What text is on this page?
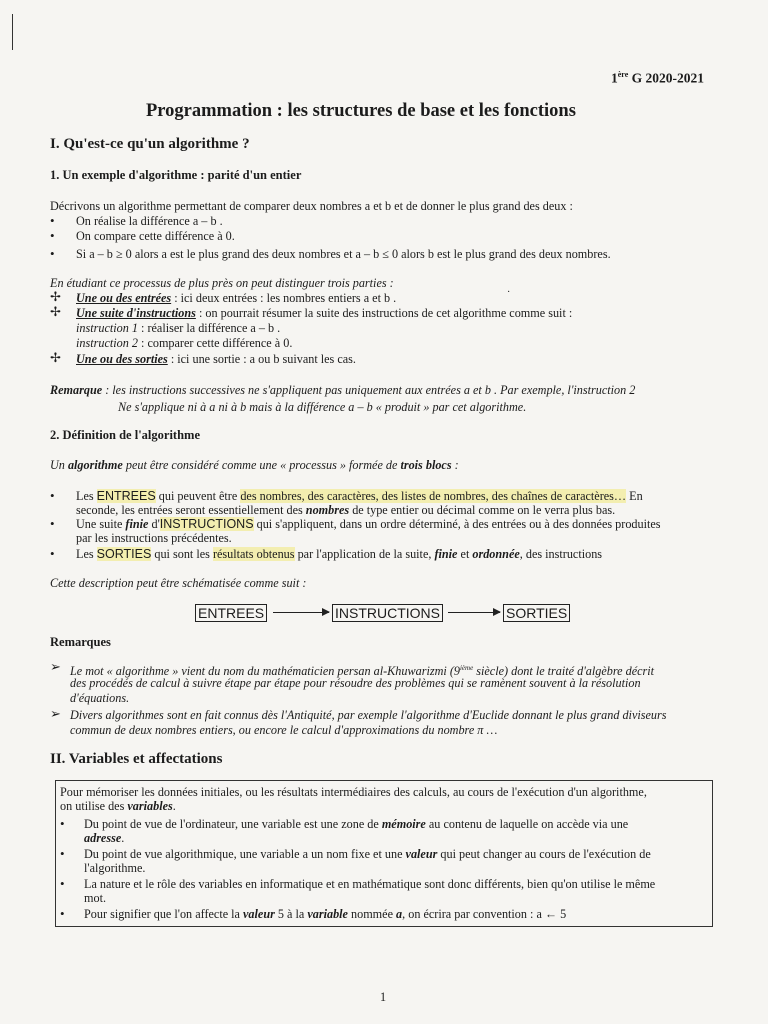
1ère G 2020-2021
Programmation : les structures de base et les fonctions
I. Qu'est-ce qu'un algorithme ?
1. Un exemple d'algorithme : parité d'un entier
Décrivons un algorithme permettant de comparer deux nombres a et b et de donner le plus grand des deux :
• On réalise la différence a – b .
• On compare cette différence à 0.
• Si a – b ≥ 0 alors a est le plus grand des deux nombres et a – b ≤ 0 alors b est le plus grand des deux nombres.
En étudiant ce processus de plus près on peut distinguer trois parties :
✢ Une ou des entrées : ici deux entrées : les nombres entiers a et b .	·
✢ Une suite d'instructions : on pourrait résumer la suite des instructions de cet algorithme comme suit :
instruction 1 : réaliser la différence a – b .
instruction 2 : comparer cette différence à 0.
✢ Une ou des sorties : ici une sortie : a ou b suivant les cas.
Remarque : les instructions successives ne s'appliquent pas uniquement aux entrées a et b . Par exemple, l'instruction 2
Ne s'applique ni à a ni à b mais à la différence a – b « produit » par cet algorithme.
2. Définition de l'algorithme
Un algorithme peut être considéré comme une « processus » formée de trois blocs :
• Les ENTREES qui peuvent être des nombres, des caractères, des listes de nombres, des chaînes de caractères… En
seconde, les entrées seront essentiellement des nombres de type entier ou décimal comme on le verra plus bas.
• Une suite finie d'INSTRUCTIONS qui s'appliquent, dans un ordre déterminé, à des entrées ou à des données produites
par les instructions précédentes.
• Les SORTIES qui sont les résultats obtenus par l'application de la suite, finie et ordonnée, des instructions
Cette description peut être schématisée comme suit :
ENTREES	INSTRUCTIONS	SORTIES
Remarques
➢ Le mot « algorithme » vient du nom du mathématicien persan al-Khuwarizmi (9ième siècle) dont le traité d'algèbre décrit
des procédés de calcul à suivre étape par étape pour résoudre des problèmes qui se ramènent souvent à la résolution
d'équations.
➢ Divers algorithmes sont en fait connus dès l'Antiquité, par exemple l'algorithme d'Euclide donnant le plus grand diviseurs
commun de deux nombres entiers, ou encore le calcul d'approximations du nombre π …
II. Variables et affectations
Pour mémoriser les données initiales, ou les résultats intermédiaires des calculs, au cours de l'exécution d'un algorithme,
on utilise des variables.
• Du point de vue de l'ordinateur, une variable est une zone de mémoire au contenu de laquelle on accède via une
adresse.
• Du point de vue algorithmique, une variable a un nom fixe et une valeur qui peut changer au cours de l'exécution de
l'algorithme.
• La nature et le rôle des variables en informatique et en mathématique sont donc différents, bien qu'on utilise le même
mot.
• Pour signifier que l'on affecte la valeur 5 à la variable nommée a, on écrira par convention : a ← 5
1
